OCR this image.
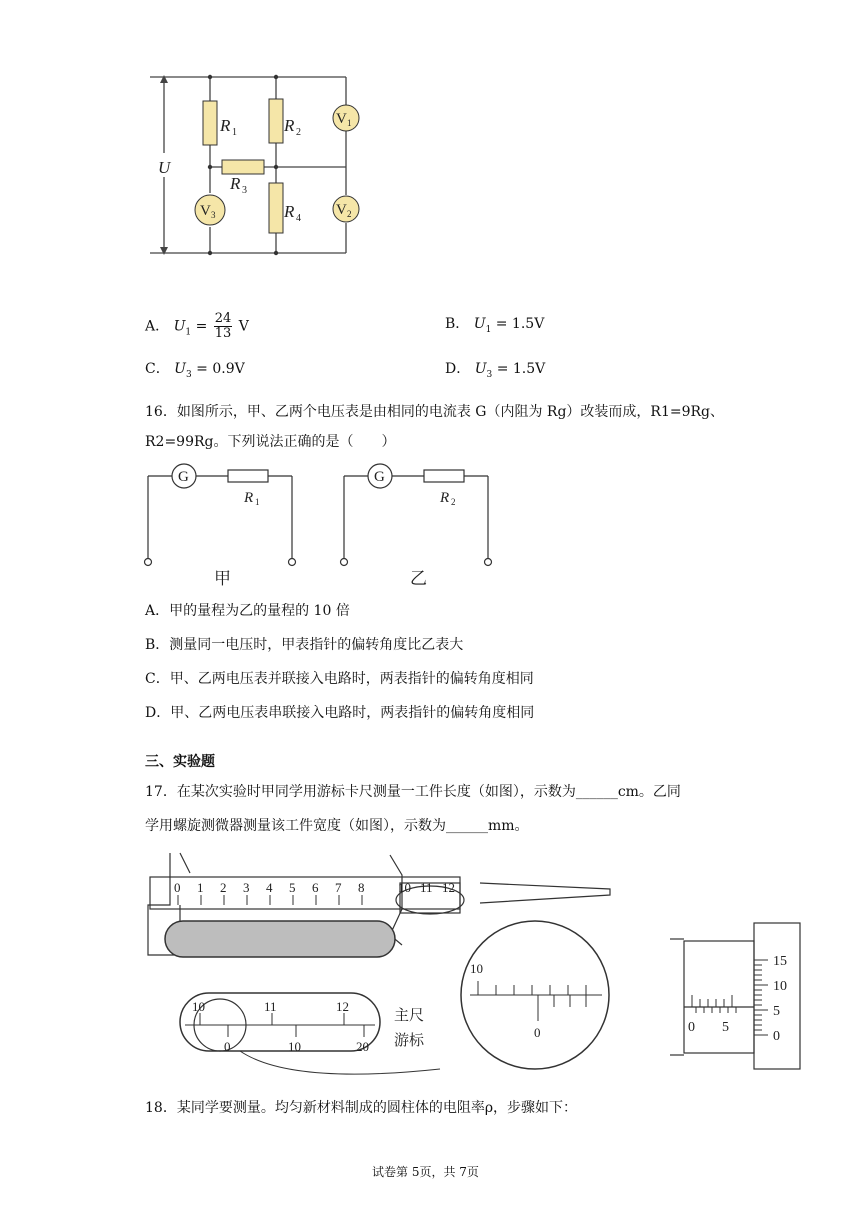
U
R	R
R
R
1	2
3
4
V 1
V 2
V 3
A． $U_1 = \frac{24}{13}$ V	B． $U_1 = 1.5V$
C． $U_3 = 0.9V$	D． $U_3 = 1.5V$
16．如图所示，甲、乙两个电压表是由相同的电流表 G（内阻为 Rg）改装而成，R1=9Rg、
R2=99Rg。下列说法正确的是（　　）
G	G
R 1	R 2
甲	乙
A．甲的量程为乙的量程的 10 倍
B．测量同一电压时，甲表指针的偏转角度比乙表大
C．甲、乙两电压表并联接入电路时，两表指针的偏转角度相同
D．甲、乙两电压表串联接入电路时，两表指针的偏转角度相同
三、实验题
17．在某次实验时甲同学用游标卡尺测量一工件长度（如图），示数为______cm。乙同
学用螺旋测微器测量该工件宽度（如图），示数为______mm。
0 1 2 3 4 5 6 7 8	10 11 12
10	11	12
0	10	20
主尺
游标
10
0	0 5
15
10
5
0
18．某同学要测量。均匀新材料制成的圆柱体的电阻率ρ，步骤如下：
试卷第 5页，共 7页
